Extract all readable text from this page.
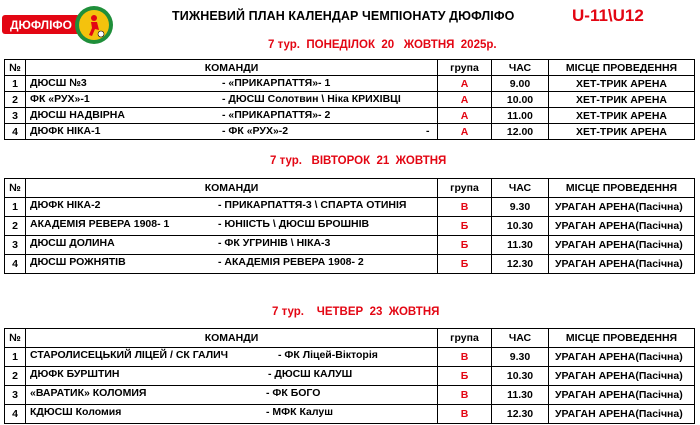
ДЮФЛІФО
ТИЖНЕВИЙ ПЛАН КАЛЕНДАР ЧЕМПІОНАТУ ДЮФЛІФО	U-11\U12
7 тур.  ПОНЕДІЛОК  20   ЖОВТНЯ  2025р.
№	КОМАНДИ	група	ЧАС	МІСЦЕ ПРОВЕДЕННЯ
1	ДЮСШ №3 - «ПРИКАРПАТТЯ»- 1	А	9.00	ХЕТ-ТРИК АРЕНА
2	ФК «РУХ»-1 - ДЮСШ Солотвин \ Ніка КРИХІВЦІ	А	10.00	ХЕТ-ТРИК АРЕНА
3	ДЮСШ НАДВІРНА - «ПРИКАРПАТТЯ»- 2	А	11.00	ХЕТ-ТРИК АРЕНА
4	ДЮФК НІКА-1 - ФК «РУХ»-2 -	А	12.00	ХЕТ-ТРИК АРЕНА
7 тур.   ВІВТОРОК  21  ЖОВТНЯ
№	КОМАНДИ	група	ЧАС	МІСЦЕ ПРОВЕДЕННЯ
1	ДЮФК НІКА-2 - ПРИКАРПАТТЯ-3 \ СПАРТА ОТИНІЯ	В	9.30	УРАГАН АРЕНА(Пасічна)
2	АКАДЕМІЯ РЕВЕРА 1908- 1 - ЮНІІСТЬ \ ДЮСШ БРОШНІВ	Б	10.30	УРАГАН АРЕНА(Пасічна)
3	ДЮСШ ДОЛИНА - ФК УГРИНІВ \ НІКА-3	Б	11.30	УРАГАН АРЕНА(Пасічна)
4	ДЮСШ РОЖНЯТІВ - АКАДЕМІЯ РЕВЕРА 1908- 2	Б	12.30	УРАГАН АРЕНА(Пасічна)
7 тур.    ЧЕТВЕР  23  ЖОВТНЯ
№	КОМАНДИ	група	ЧАС	МІСЦЕ ПРОВЕДЕННЯ
1	СТАРОЛИСЕЦЬКИЙ ЛІЦЕЙ / СК ГАЛИЧ - ФК Ліцей-Вікторія	В	9.30	УРАГАН АРЕНА(Пасічна)
2	ДЮФК БУРШТИН - ДЮСШ КАЛУШ	Б	10.30	УРАГАН АРЕНА(Пасічна)
3	«ВАРАТИК» КОЛОМИЯ - ФК БОГО	В	11.30	УРАГАН АРЕНА(Пасічна)
4	КДЮСШ Коломия - МФК Калуш	В	12.30	УРАГАН АРЕНА(Пасічна)
